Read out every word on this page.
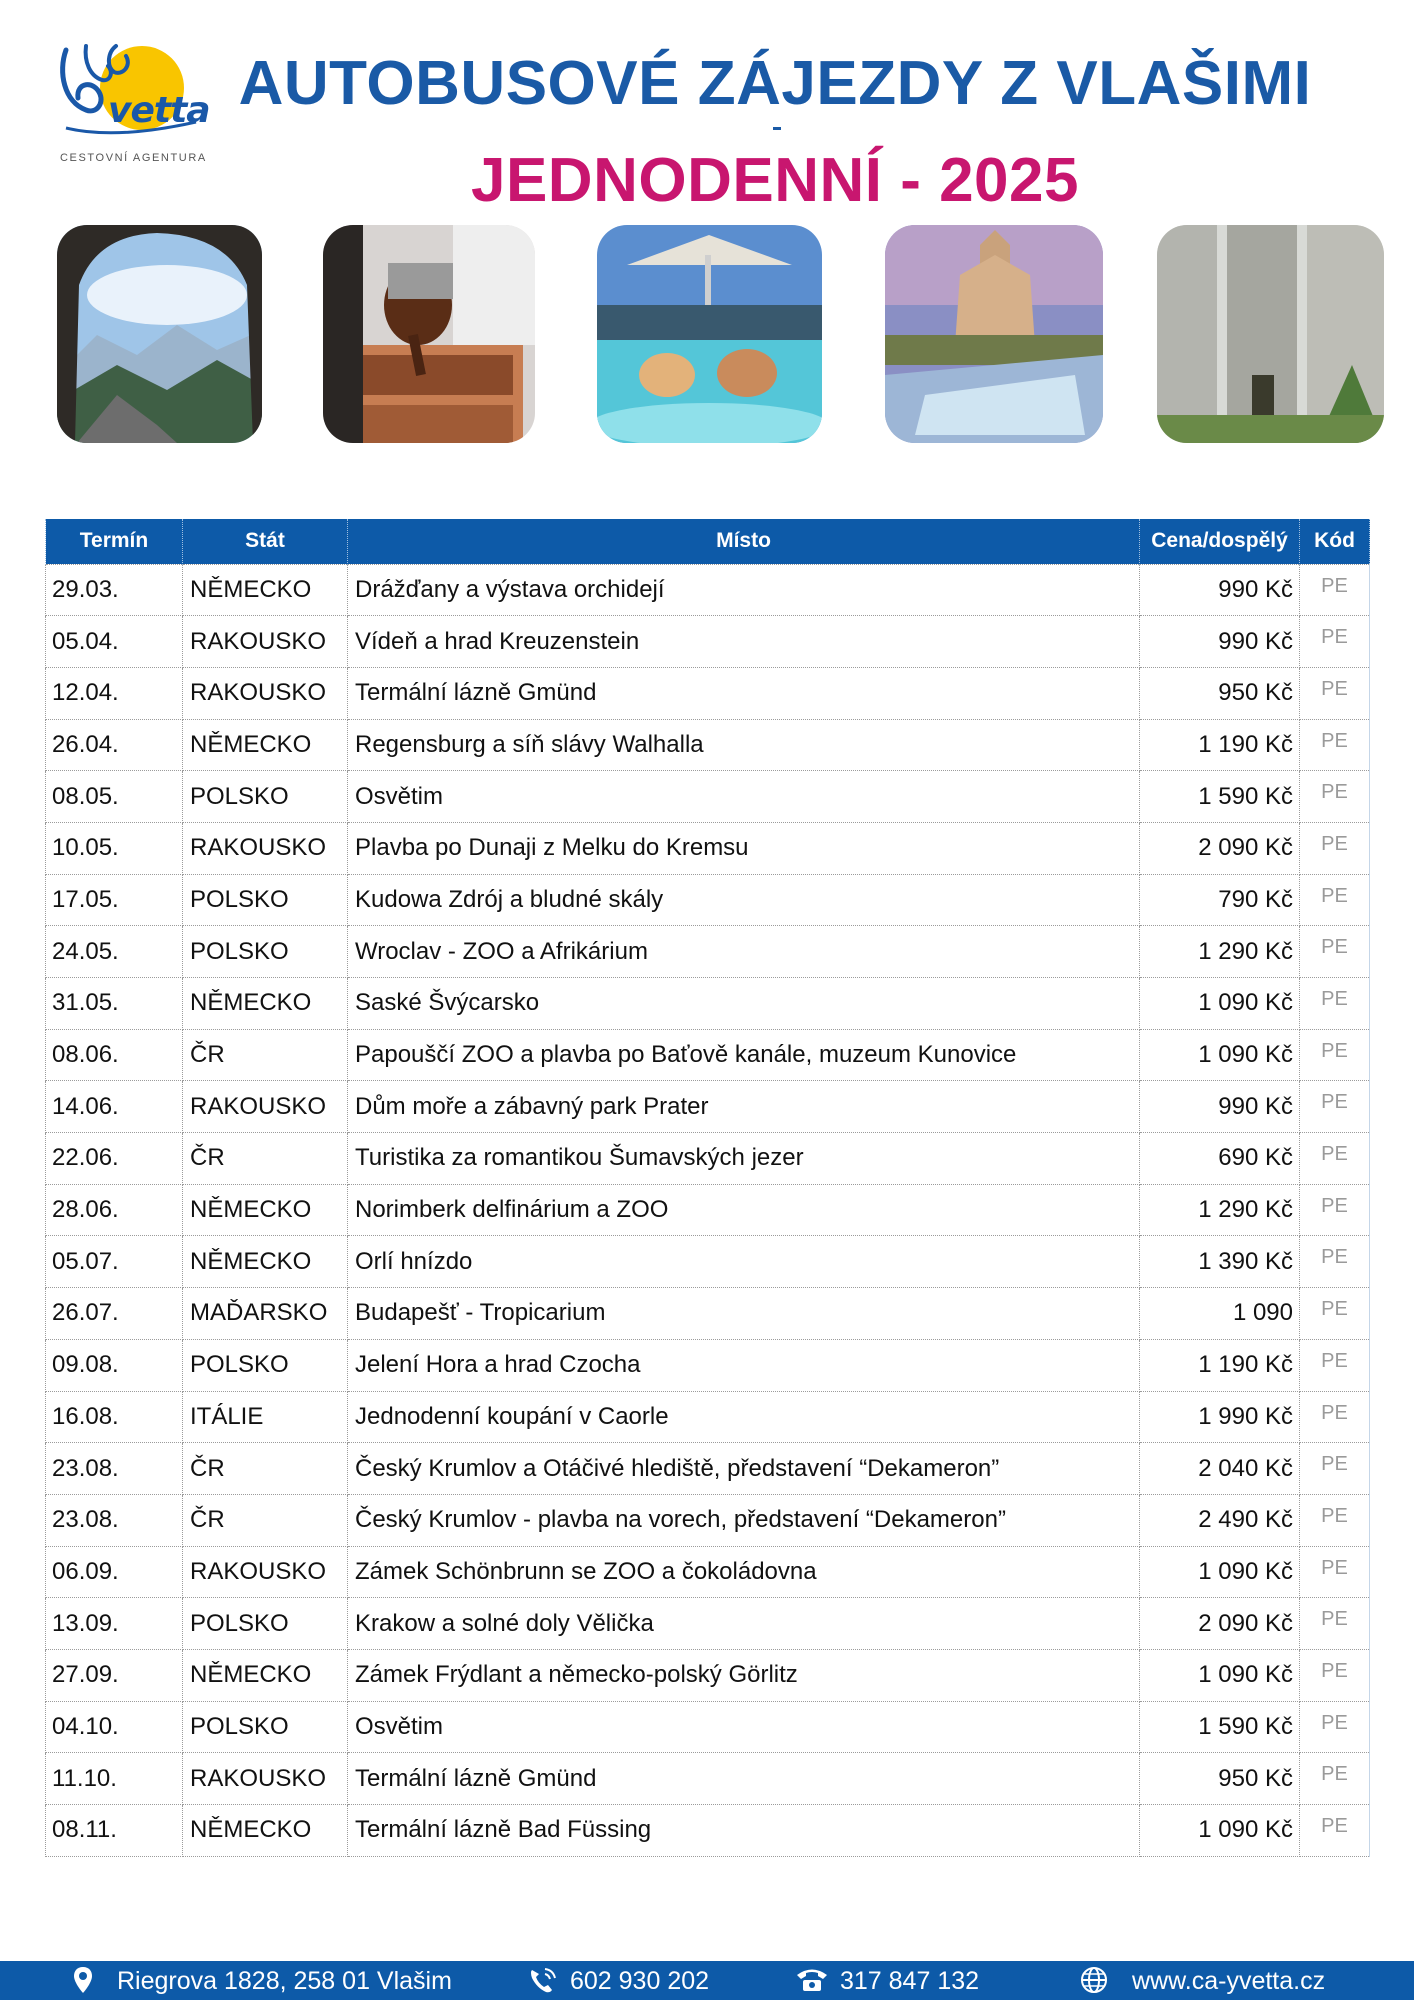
vetta
CESTOVNÍ AGENTURA
AUTOBUSOVÉ ZÁJEZDY Z VLAŠIMI
JEDNODENNÍ - 2025
Termín	Stát	Místo	Cena/dospělý	Kód
29.03.	NĚMECKO	Drážďany a výstava orchidejí	990 Kč	PE
05.04.	RAKOUSKO	Vídeň a hrad Kreuzenstein	990 Kč	PE
12.04.	RAKOUSKO	Termální lázně Gmünd	950 Kč	PE
26.04.	NĚMECKO	Regensburg a síň slávy Walhalla	1 190 Kč	PE
08.05.	POLSKO	Osvětim	1 590 Kč	PE
10.05.	RAKOUSKO	Plavba po Dunaji z Melku do Kremsu	2 090 Kč	PE
17.05.	POLSKO	Kudowa Zdrój a bludné skály	790 Kč	PE
24.05.	POLSKO	Wroclav - ZOO a Afrikárium	1 290 Kč	PE
31.05.	NĚMECKO	Saské Švýcarsko	1 090 Kč	PE
08.06.	ČR	Papouščí ZOO a plavba po Baťově kanále, muzeum Kunovice	1 090 Kč	PE
14.06.	RAKOUSKO	Dům moře a zábavný park Prater	990 Kč	PE
22.06.	ČR	Turistika za romantikou Šumavských jezer	690 Kč	PE
28.06.	NĚMECKO	Norimberk delfinárium a ZOO	1 290 Kč	PE
05.07.	NĚMECKO	Orlí hnízdo	1 390 Kč	PE
26.07.	MAĎARSKO	Budapešť - Tropicarium	1 090	PE
09.08.	POLSKO	Jelení Hora a hrad Czocha	1 190 Kč	PE
16.08.	ITÁLIE	Jednodenní koupání v Caorle	1 990 Kč	PE
23.08.	ČR	Český Krumlov a Otáčivé hlediště, představení “Dekameron”	2 040 Kč	PE
23.08.	ČR	Český Krumlov - plavba na vorech, představení “Dekameron”	2 490 Kč	PE
06.09.	RAKOUSKO	Zámek Schönbrunn se ZOO a čokoládovna	1 090 Kč	PE
13.09.	POLSKO	Krakow a solné doly Vělička	2 090 Kč	PE
27.09.	NĚMECKO	Zámek Frýdlant a německo-polský Görlitz	1 090 Kč	PE
04.10.	POLSKO	Osvětim	1 590 Kč	PE
11.10.	RAKOUSKO	Termální lázně Gmünd	950 Kč	PE
08.11.	NĚMECKO	Termální lázně Bad Füssing	1 090 Kč	PE
Riegrova 1828, 258 01 Vlašim	602 930 202	317 847 132	www.ca-yvetta.cz
